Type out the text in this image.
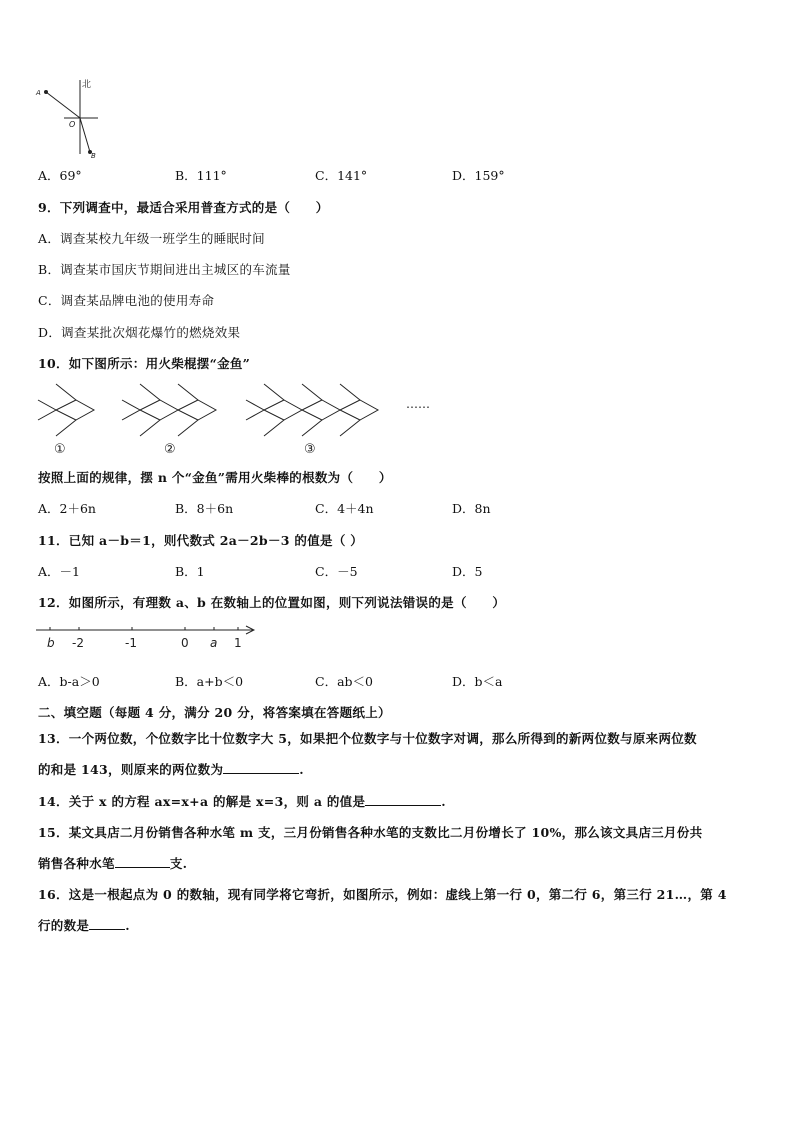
北
A
O
B
A．69°	B．111°	C．141°	D．159°
9．下列调查中，最适合采用普查方式的是（　　）
A．调查某校九年级一班学生的睡眠时间
B．调查某市国庆节期间进出主城区的车流量
C．调查某品牌电池的使用寿命
D．调查某批次烟花爆竹的燃烧效果
10．如下图所示：用火柴棍摆“金鱼”
……
①	②	③
按照上面的规律，摆 n 个“金鱼”需用火柴棒的根数为（　　）
A．2＋6n	B．8＋6n	C．4＋4n	D．8n
11．已知 a－b＝1，则代数式 2a－2b－3 的值是（ ）
A．－1	B．1	C．－5	D．5
12．如图所示，有理数 a、b 在数轴上的位置如图，则下列说法错误的是（　　）
b -2	-1	0 a 1
A．b-a＞0	B．a+b＜0	C．ab＜0	D．b＜a
二、填空题（每题 4 分，满分 20 分，将答案填在答题纸上）
13．一个两位数，个位数字比十位数字大 5，如果把个位数字与十位数字对调，那么所得到的新两位数与原来两位数
的和是 143，则原来的两位数为	.
14．关于 x 的方程 ax=x+a 的解是 x=3，则 a 的值是	.
15．某文具店二月份销售各种水笔 m 支，三月份销售各种水笔的支数比二月份增长了 10%，那么该文具店三月份共
销售各种水笔	支.
16．这是一根起点为 0 的数轴，现有同学将它弯折，如图所示，例如：虚线上第一行 0，第二行 6，第三行 21…，第 4
行的数是	.
